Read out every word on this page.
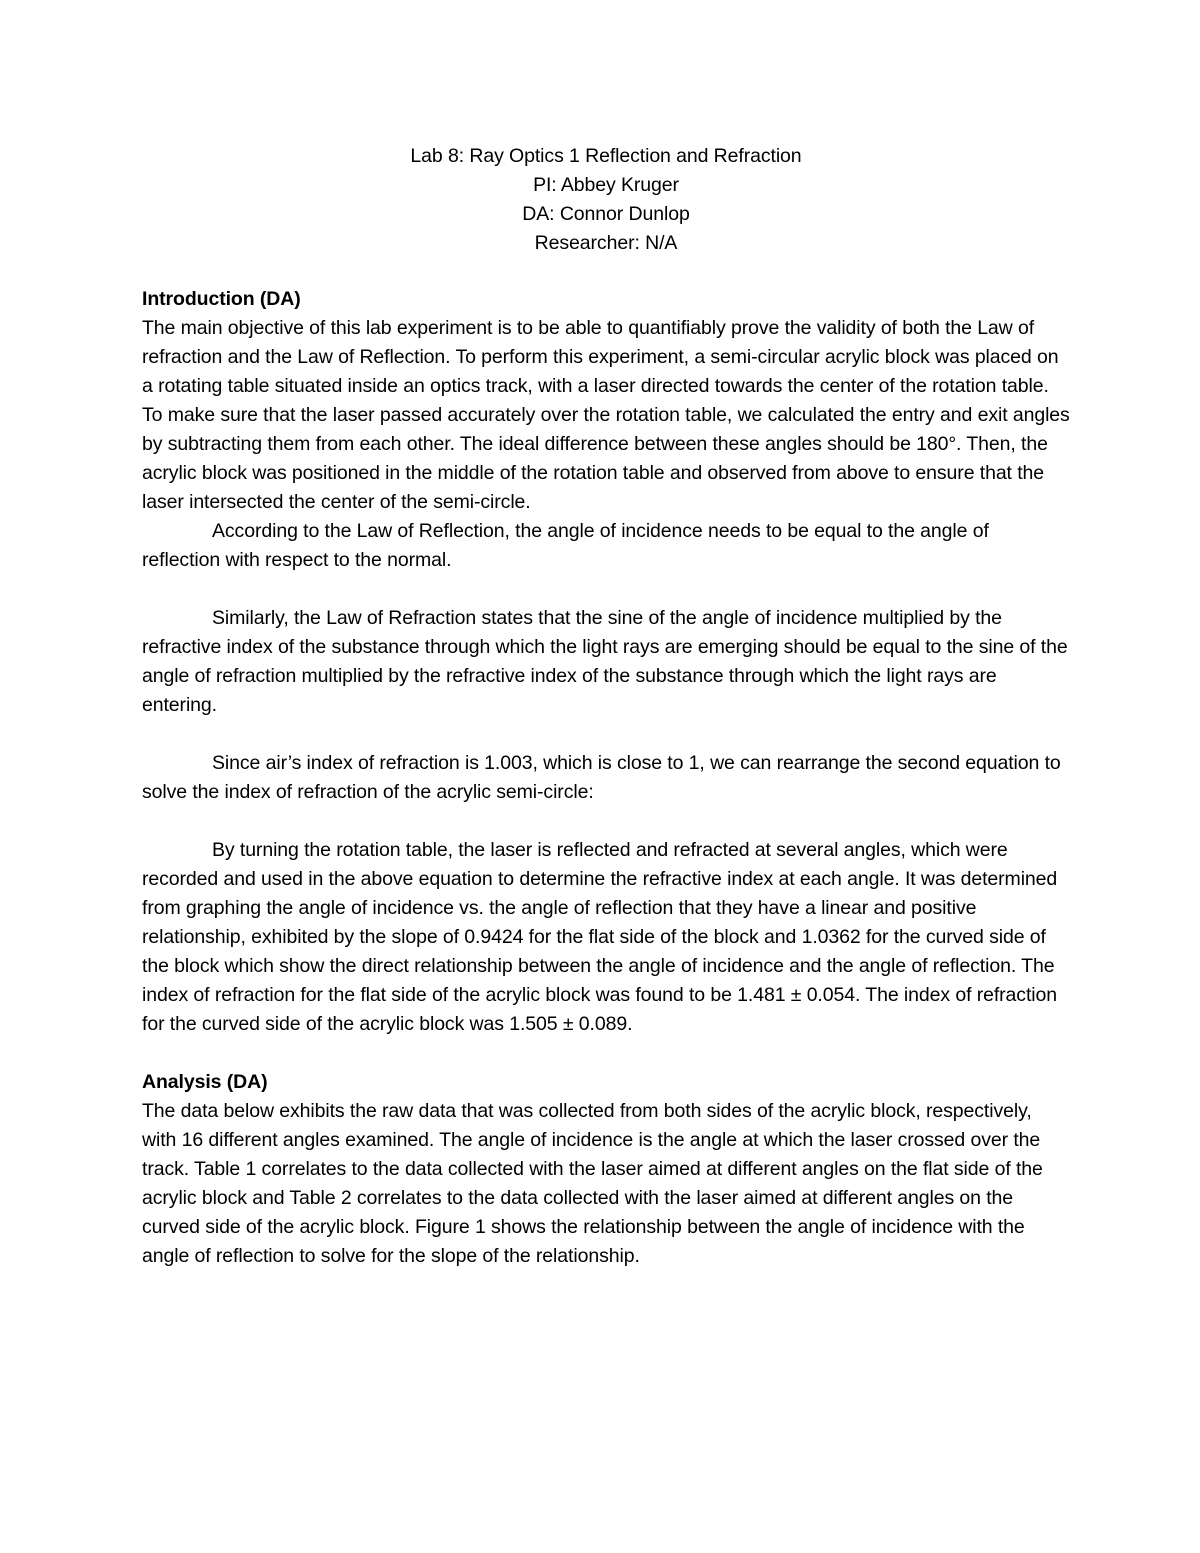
Lab 8: Ray Optics 1 Reflection and Refraction
PI: Abbey Kruger
DA: Connor Dunlop
Researcher: N/A
Introduction (DA)

The main objective of this lab experiment is to be able to quantifiably prove the validity of both the Law of refraction and the Law of Reflection. To perform this experiment, a semi-circular acrylic block was placed on a rotating table situated inside an optics track, with a laser directed towards the center of the rotation table. To make sure that the laser passed accurately over the rotation table, we calculated the entry and exit angles by subtracting them from each other. The ideal difference between these angles should be 180°. Then, the acrylic block was positioned in the middle of the rotation table and observed from above to ensure that the laser intersected the center of the semi-circle.

According to the Law of Reflection, the angle of incidence needs to be equal to the angle of reflection with respect to the normal.

Similarly, the Law of Refraction states that the sine of the angle of incidence multiplied by the refractive index of the substance through which the light rays are emerging should be equal to the sine of the angle of refraction multiplied by the refractive index of the substance through which the light rays are entering.

Since air’s index of refraction is 1.003, which is close to 1, we can rearrange the second equation to solve the index of refraction of the acrylic semi-circle:

By turning the rotation table, the laser is reflected and refracted at several angles, which were recorded and used in the above equation to determine the refractive index at each angle. It was determined from graphing the angle of incidence vs. the angle of reflection that they have a linear and positive relationship, exhibited by the slope of 0.9424 for the flat side of the block and 1.0362 for the curved side of the block which show the direct relationship between the angle of incidence and the angle of reflection. The index of refraction for the flat side of the acrylic block was found to be 1.481 ± 0.054. The index of refraction for the curved side of the acrylic block was 1.505 ± 0.089.

Analysis (DA)

The data below exhibits the raw data that was collected from both sides of the acrylic block, respectively, with 16 different angles examined. The angle of incidence is the angle at which the laser crossed over the track. Table 1 correlates to the data collected with the laser aimed at different angles on the flat side of the acrylic block and Table 2 correlates to the data collected with the laser aimed at different angles on the curved side of the acrylic block. Figure 1 shows the relationship between the angle of incidence with the angle of reflection to solve for the slope of the relationship.
